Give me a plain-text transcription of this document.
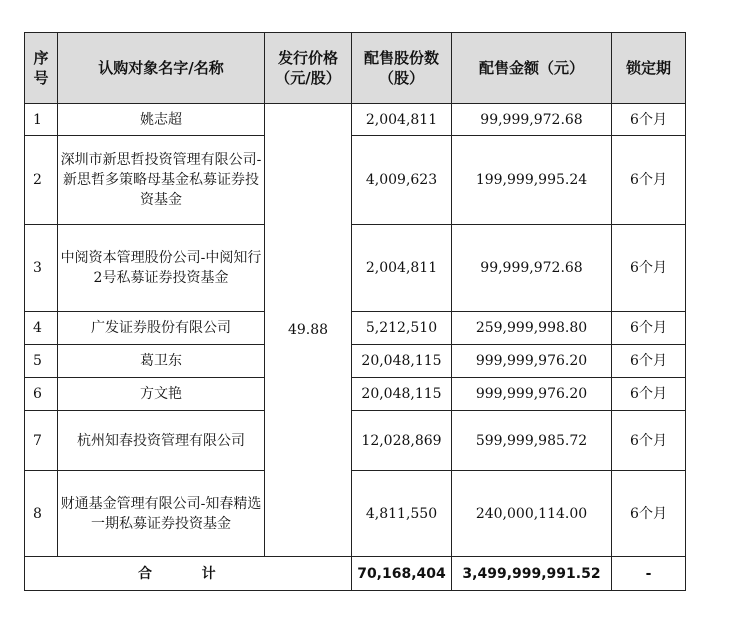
序号	认购对象名字/名称	发行价格（元/股）	配售股份数（股）	配售金额（元）	锁定期
1	姚志超	49.88	2,004,811	99,999,972.68	6个月
2	深圳市新思哲投资管理有限公司-新思哲多策略母基金私募证券投资基金		4,009,623	199,999,995.24	6个月
3	中阅资本管理股份公司-中阅知行2号私募证券投资基金		2,004,811	99,999,972.68	6个月
4	广发证券股份有限公司		5,212,510	259,999,998.80	6个月
5	葛卫东		20,048,115	999,999,976.20	6个月
6	方文艳		20,048,115	999,999,976.20	6个月
7	杭州知春投资管理有限公司		12,028,869	599,999,985.72	6个月
8	财通基金管理有限公司-知春精选一期私募证券投资基金		4,811,550	240,000,114.00	6个月
合 计			70,168,404	3,499,999,991.52	-
